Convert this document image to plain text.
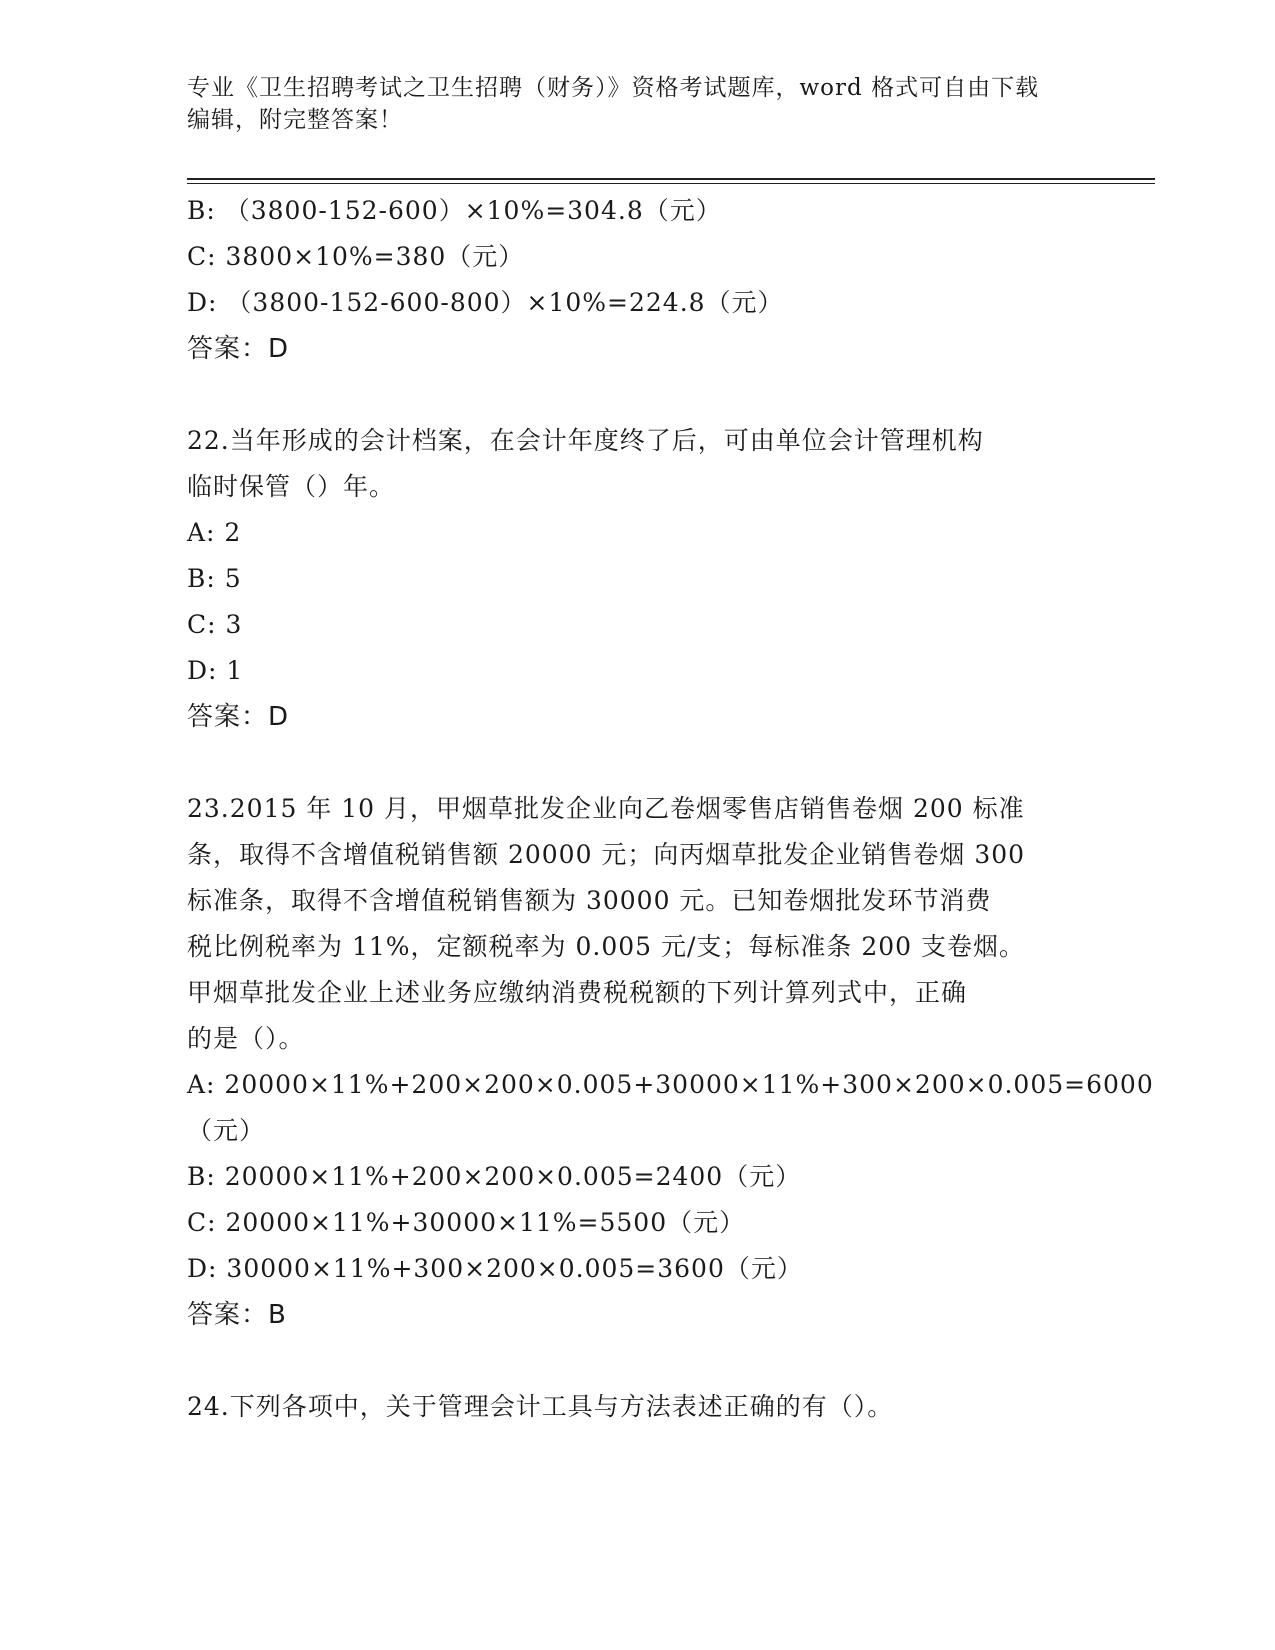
专业《卫生招聘考试之卫生招聘（财务）》资格考试题库，word 格式可自由下载
编辑，附完整答案！
B: （3800-152-600）×10%=304.8（元）
C: 3800×10%=380（元）
D: （3800-152-600-800）×10%=224.8（元）
答案：D
22.当年形成的会计档案，在会计年度终了后，可由单位会计管理机构
临时保管（）年。
A: 2
B: 5
C: 3
D: 1
答案：D
23.2015 年 10 月，甲烟草批发企业向乙卷烟零售店销售卷烟 200 标准
条，取得不含增值税销售额 20000 元；向丙烟草批发企业销售卷烟 300
标准条，取得不含增值税销售额为 30000 元。已知卷烟批发环节消费
税比例税率为 11%，定额税率为 0.005 元/支；每标准条 200 支卷烟。
甲烟草批发企业上述业务应缴纳消费税税额的下列计算列式中，正确
的是（）。
A: 20000×11%+200×200×0.005+30000×11%+300×200×0.005=6000
（元）
B: 20000×11%+200×200×0.005=2400（元）
C: 20000×11%+30000×11%=5500（元）
D: 30000×11%+300×200×0.005=3600（元）
答案：B
24.下列各项中，关于管理会计工具与方法表述正确的有（）。
